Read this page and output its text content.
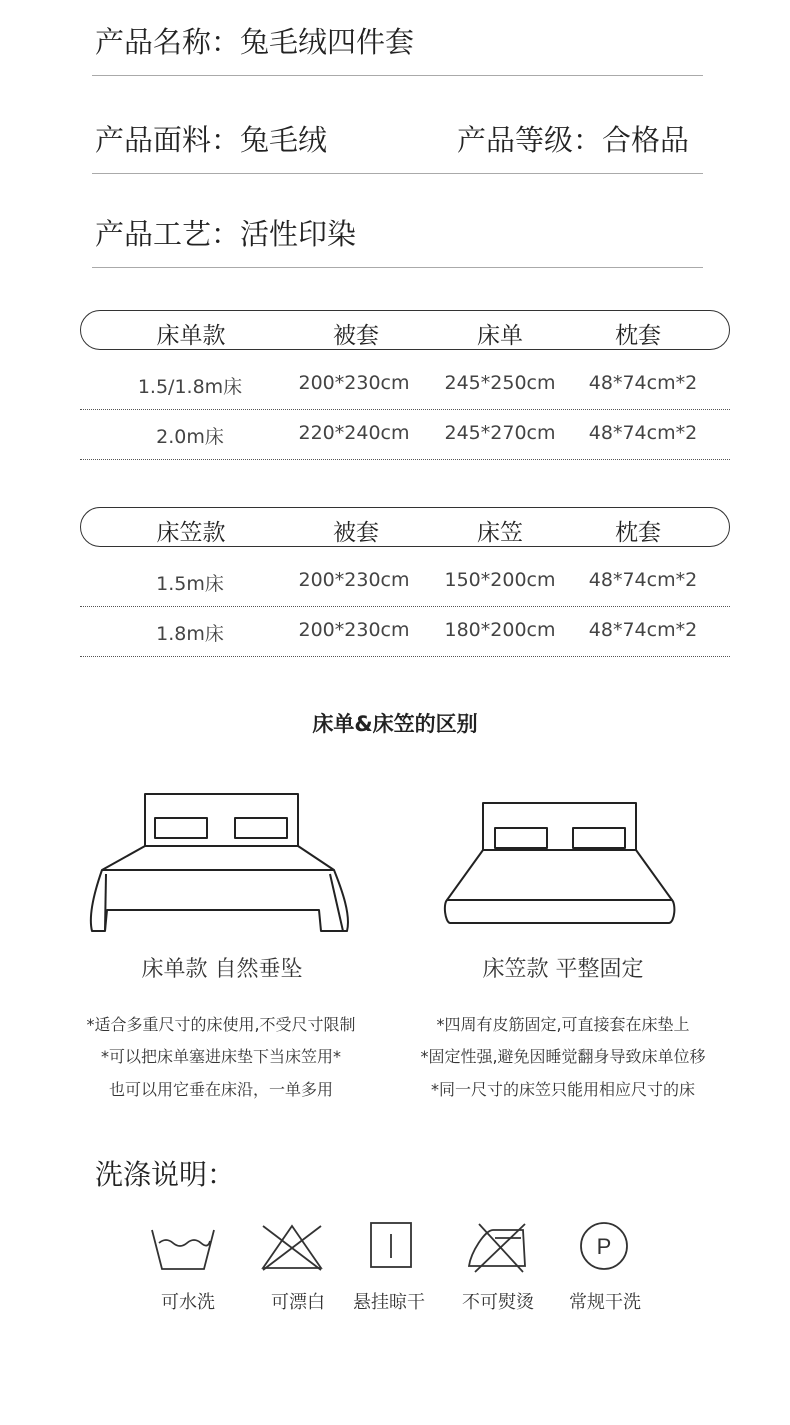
产品名称：兔毛绒四件套
产品面料：兔毛绒	产品等级：合格品
产品工艺：活性印染
床单款	被套	床单	枕套
1.5/1.8m床	200*230cm 245*250cm 48*74cm*2
2.0m床	220*240cm 245*270cm 48*74cm*2
床笠款	被套	床笠	枕套
1.5m床	200*230cm 150*200cm 48*74cm*2
1.8m床	200*230cm 180*200cm 48*74cm*2
床单&床笠的区别
床单款 自然垂坠	床笠款 平整固定
*适合多重尺寸的床使用,不受尺寸限制
*可以把床单塞进床垫下当床笠用*
也可以用它垂在床沿，一单多用
*四周有皮筋固定,可直接套在床垫上
*固定性强,避免因睡觉翻身导致床单位移
*同一尺寸的床笠只能用相应尺寸的床
洗涤说明：
P
可水洗	可漂白 悬挂晾干 不可熨烫 常规干洗
